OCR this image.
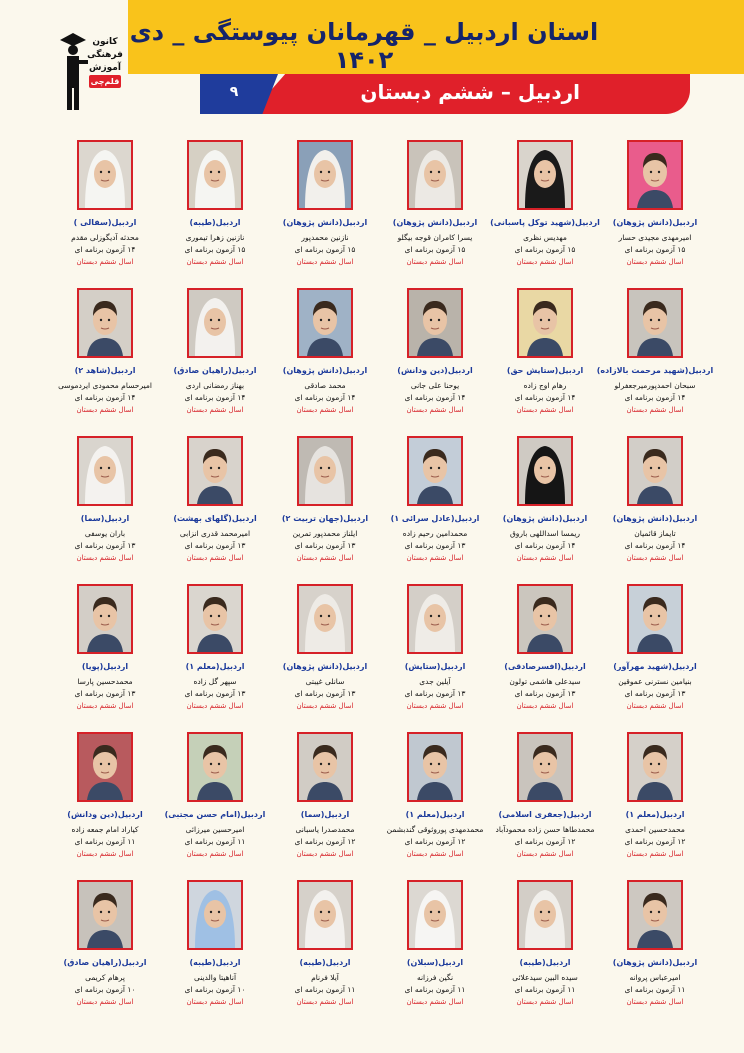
استان اردبیل _ قهرمانان پیوستگی _ دی ۱۴۰۲
اردبیل – ششم دبستان
۹
کانون
فرهنگی
آموزش
قلم‌چی
اردبیل(دانش پژوهان)
امیرمهدی مجیدی حسار
۱۵ آزمون برنامه ای
اسال ششم دبستان
اردبیل(شهید توکل پاسبانی)
مهدیس نظری
۱۵ آزمون برنامه ای
اسال ششم دبستان
اردبیل(دانش پژوهان)
یسرا کامران قوجه بیگلو
۱۵ آزمون برنامه ای
اسال ششم دبستان
اردبیل(دانش پژوهان)
نازنین محمدپور
۱۵ آزمون برنامه ای
اسال ششم دبستان
اردبیل(طیبه)
نازنین زهرا تیموری
۱۵ آزمون برنامه ای
اسال ششم دبستان
اردبیل(سفالی )
محدثه آدیگوزلی مقدم
۱۴ آزمون برنامه ای
اسال ششم دبستان
اردبیل(شهید مرحمت بالازاده)
سبحان احمدپورمیرجعفرلو
۱۴ آزمون برنامه ای
اسال ششم دبستان
اردبیل(ستایش حق)
رهام اوج زاده
۱۴ آزمون برنامه ای
اسال ششم دبستان
اردبیل(دین ودانش)
یوحنا علی جانی
۱۴ آزمون برنامه ای
اسال ششم دبستان
اردبیل(دانش پژوهان)
محمد صادقی
۱۴ آزمون برنامه ای
اسال ششم دبستان
اردبیل(راهیان صادق)
بهناز رمضانی اردی
۱۴ آزمون برنامه ای
اسال ششم دبستان
اردبیل(شاهد ۲)
امیرحسام محمودی ایردموسی
۱۴ آزمون برنامه ای
اسال ششم دبستان
اردبیل(دانش پژوهان)
تایماز قائمیان
۱۴ آزمون برنامه ای
اسال ششم دبستان
اردبیل(دانش پژوهان)
ریمسا اسداللهی باروق
۱۴ آزمون برنامه ای
اسال ششم دبستان
اردبیل(عادل سرائی ۱)
محمدامین رحیم زاده
۱۳ آزمون برنامه ای
اسال ششم دبستان
اردبیل(جهان تربیت ۲)
ایلناز محمدپور تمرین
۱۳ آزمون برنامه ای
اسال ششم دبستان
اردبیل(گلهای بهشت)
امیرمحمد قدری انزابی
۱۳ آزمون برنامه ای
اسال ششم دبستان
اردبیل(سما)
باران یوسفی
۱۳ آزمون برنامه ای
اسال ششم دبستان
اردبیل(شهید مهرآور)
بنیامین نسترنی عموقین
۱۳ آزمون برنامه ای
اسال ششم دبستان
اردبیل(افسرصادقی)
سیدعلی هاشمی تولون
۱۳ آزمون برنامه ای
اسال ششم دبستان
اردبیل(ستایش)
آیلین جدی
۱۳ آزمون برنامه ای
اسال ششم دبستان
اردبیل(دانش پژوهان)
سانلی غیبتی
۱۳ آزمون برنامه ای
اسال ششم دبستان
اردبیل(معلم ۱)
سپهر گل زاده
۱۳ آزمون برنامه ای
اسال ششم دبستان
اردبیل(پویا)
محمدحسین پارسا
۱۳ آزمون برنامه ای
اسال ششم دبستان
اردبیل(معلم ۱)
محمدحسین احمدی
۱۲ آزمون برنامه ای
اسال ششم دبستان
اردبیل(جعفری اسلامی)
محمدطاها حسن زاده محمودآباد
۱۲ آزمون برنامه ای
اسال ششم دبستان
اردبیل(معلم ۱)
محمدمهدی پوروثوقی گندبشمن
۱۲ آزمون برنامه ای
اسال ششم دبستان
اردبیل(سما)
محمدصدرا یاسبانی
۱۲ آزمون برنامه ای
اسال ششم دبستان
اردبیل(امام حسن مجتبی)
امیرحسین میرزائی
۱۱ آزمون برنامه ای
اسال ششم دبستان
اردبیل(دین ودانش)
کیاراد امام جمعه زاده
۱۱ آزمون برنامه ای
اسال ششم دبستان
اردبیل(دانش پژوهان)
امیرعباس پروانه
۱۱ آزمون برنامه ای
اسال ششم دبستان
اردبیل(طیبه)
سیده البین سیدعلائی
۱۱ آزمون برنامه ای
اسال ششم دبستان
اردبیل(سبلان)
نگین فرزانه
۱۱ آزمون برنامه ای
اسال ششم دبستان
اردبیل(طیبه)
آیلا فرنام
۱۱ آزمون برنامه ای
اسال ششم دبستان
اردبیل(طیبه)
آناهیتا والدینی
۱۰ آزمون برنامه ای
اسال ششم دبستان
اردبیل(راهیان صادق)
پرهام کریمی
۱۰ آزمون برنامه ای
اسال ششم دبستان
